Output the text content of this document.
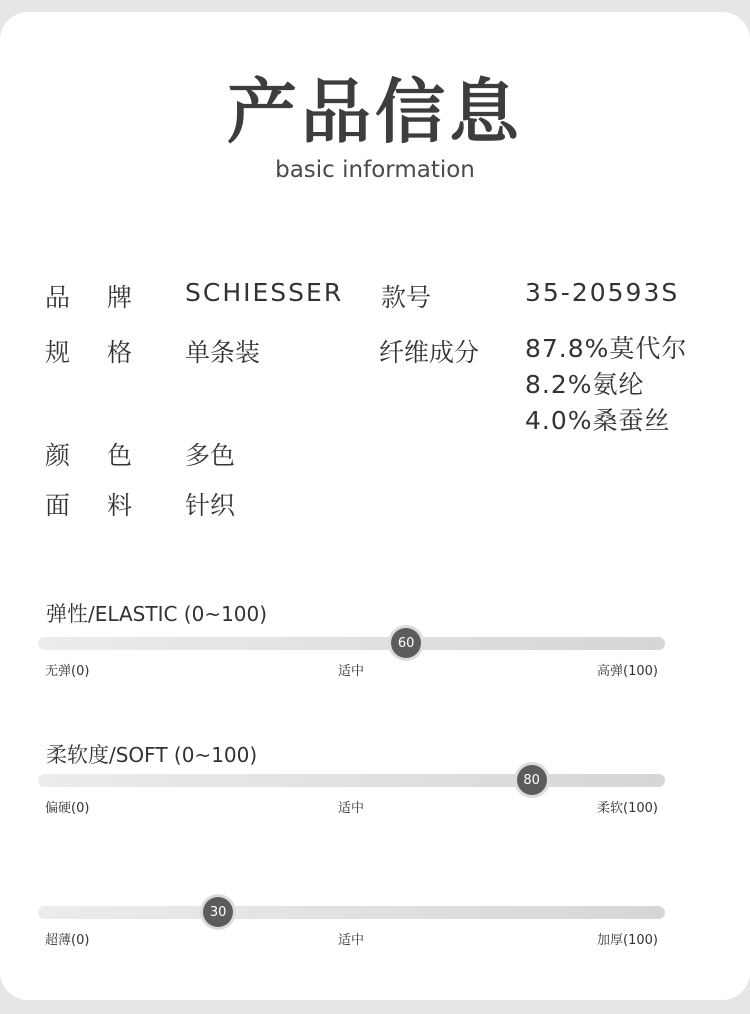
产品信息
basic information
品 牌 SCHIESSER 款号	35-20593S
规 格 单条装	纤维成分 87.8%莫代尔
8.2%氨纶
4.0%桑蚕丝
颜 色 多色
面 料 针织
弹性/ELASTIC (0~100)
60
无弹(0)	适中	高弹(100)
柔软度/SOFT (0~100)
80
偏硬(0)	适中	柔软(100)
30
超薄(0)	适中	加厚(100)
